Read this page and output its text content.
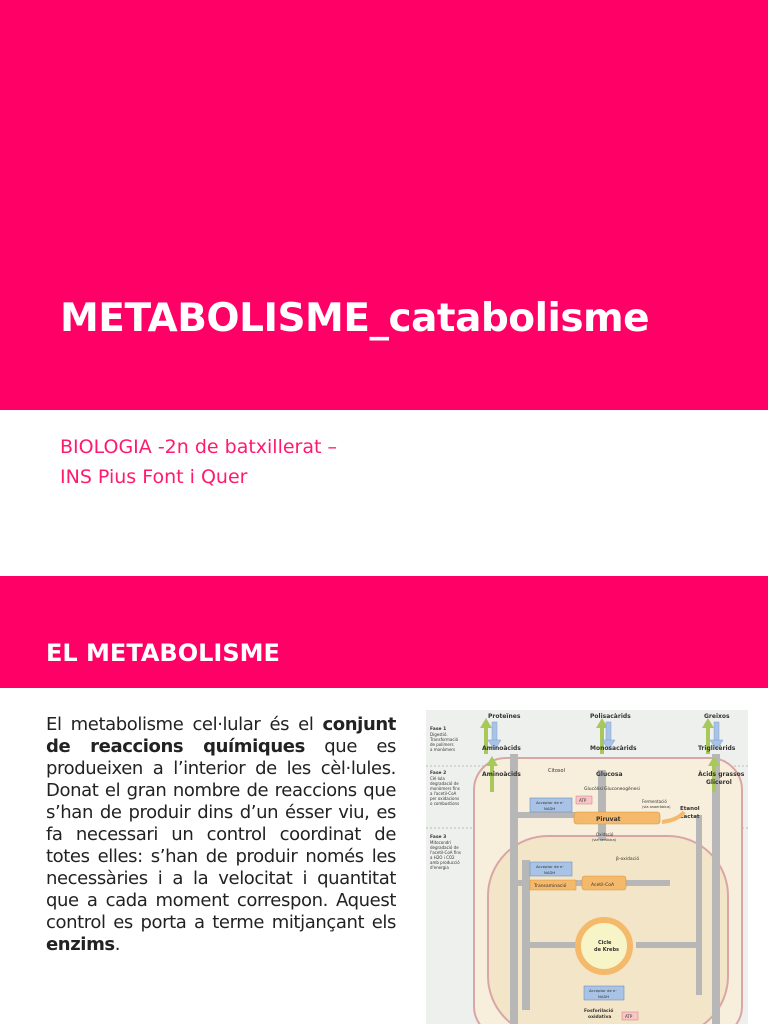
METABOLISME_catabolisme
BIOLOGIA -2n de batxillerat –
INS Pius Font i Quer
EL METABOLISME

El metabolisme cel·lular és el conjunt de reaccions químiques que es produeixen a l’interior de les cèl·lules. Donat el gran nombre de reaccions que s’han de produir dins d’un ésser viu, es fa necessari un control coordinat de totes elles: s’han de produir només les necessàries i a la velocitat i quantitat que a cada moment correspon. Aquest control es porta a terme mitjançant els enzims.

Proteïnes	Polisacàrids	Greixos
Aminoàcids	Monosacàrids	Triglicèrids
Fase 1
Digestió.
Transformació
de polímers
a monòmers
Fase 2
Cèl·lula
degradació de
monòmers fins
a l'acetil-CoA
per oxidacions
o combustions
Fase 3
Mitocondri
degradació de
l'acetil-CoA fins
a H2O i CO2
amb producció
d'energia
Citosol
Aminoàcids	Glucosa
Glucòlisi Gluconeogènesi
Àcids grassos
Glicerol
Acceptor de e⁻
NADH
ATP
Piruvat
Fermentació
(via anaeròbica) Etanol
Lactat
Oxidació
(via aeròbica)
β-oxidació
Acceptor de e⁻
NADH
Transaminació	Acetil-CoA
Cicle
de Krebs
Acceptor de e⁻
NADH
Fosforilació
oxidativa	ATP
